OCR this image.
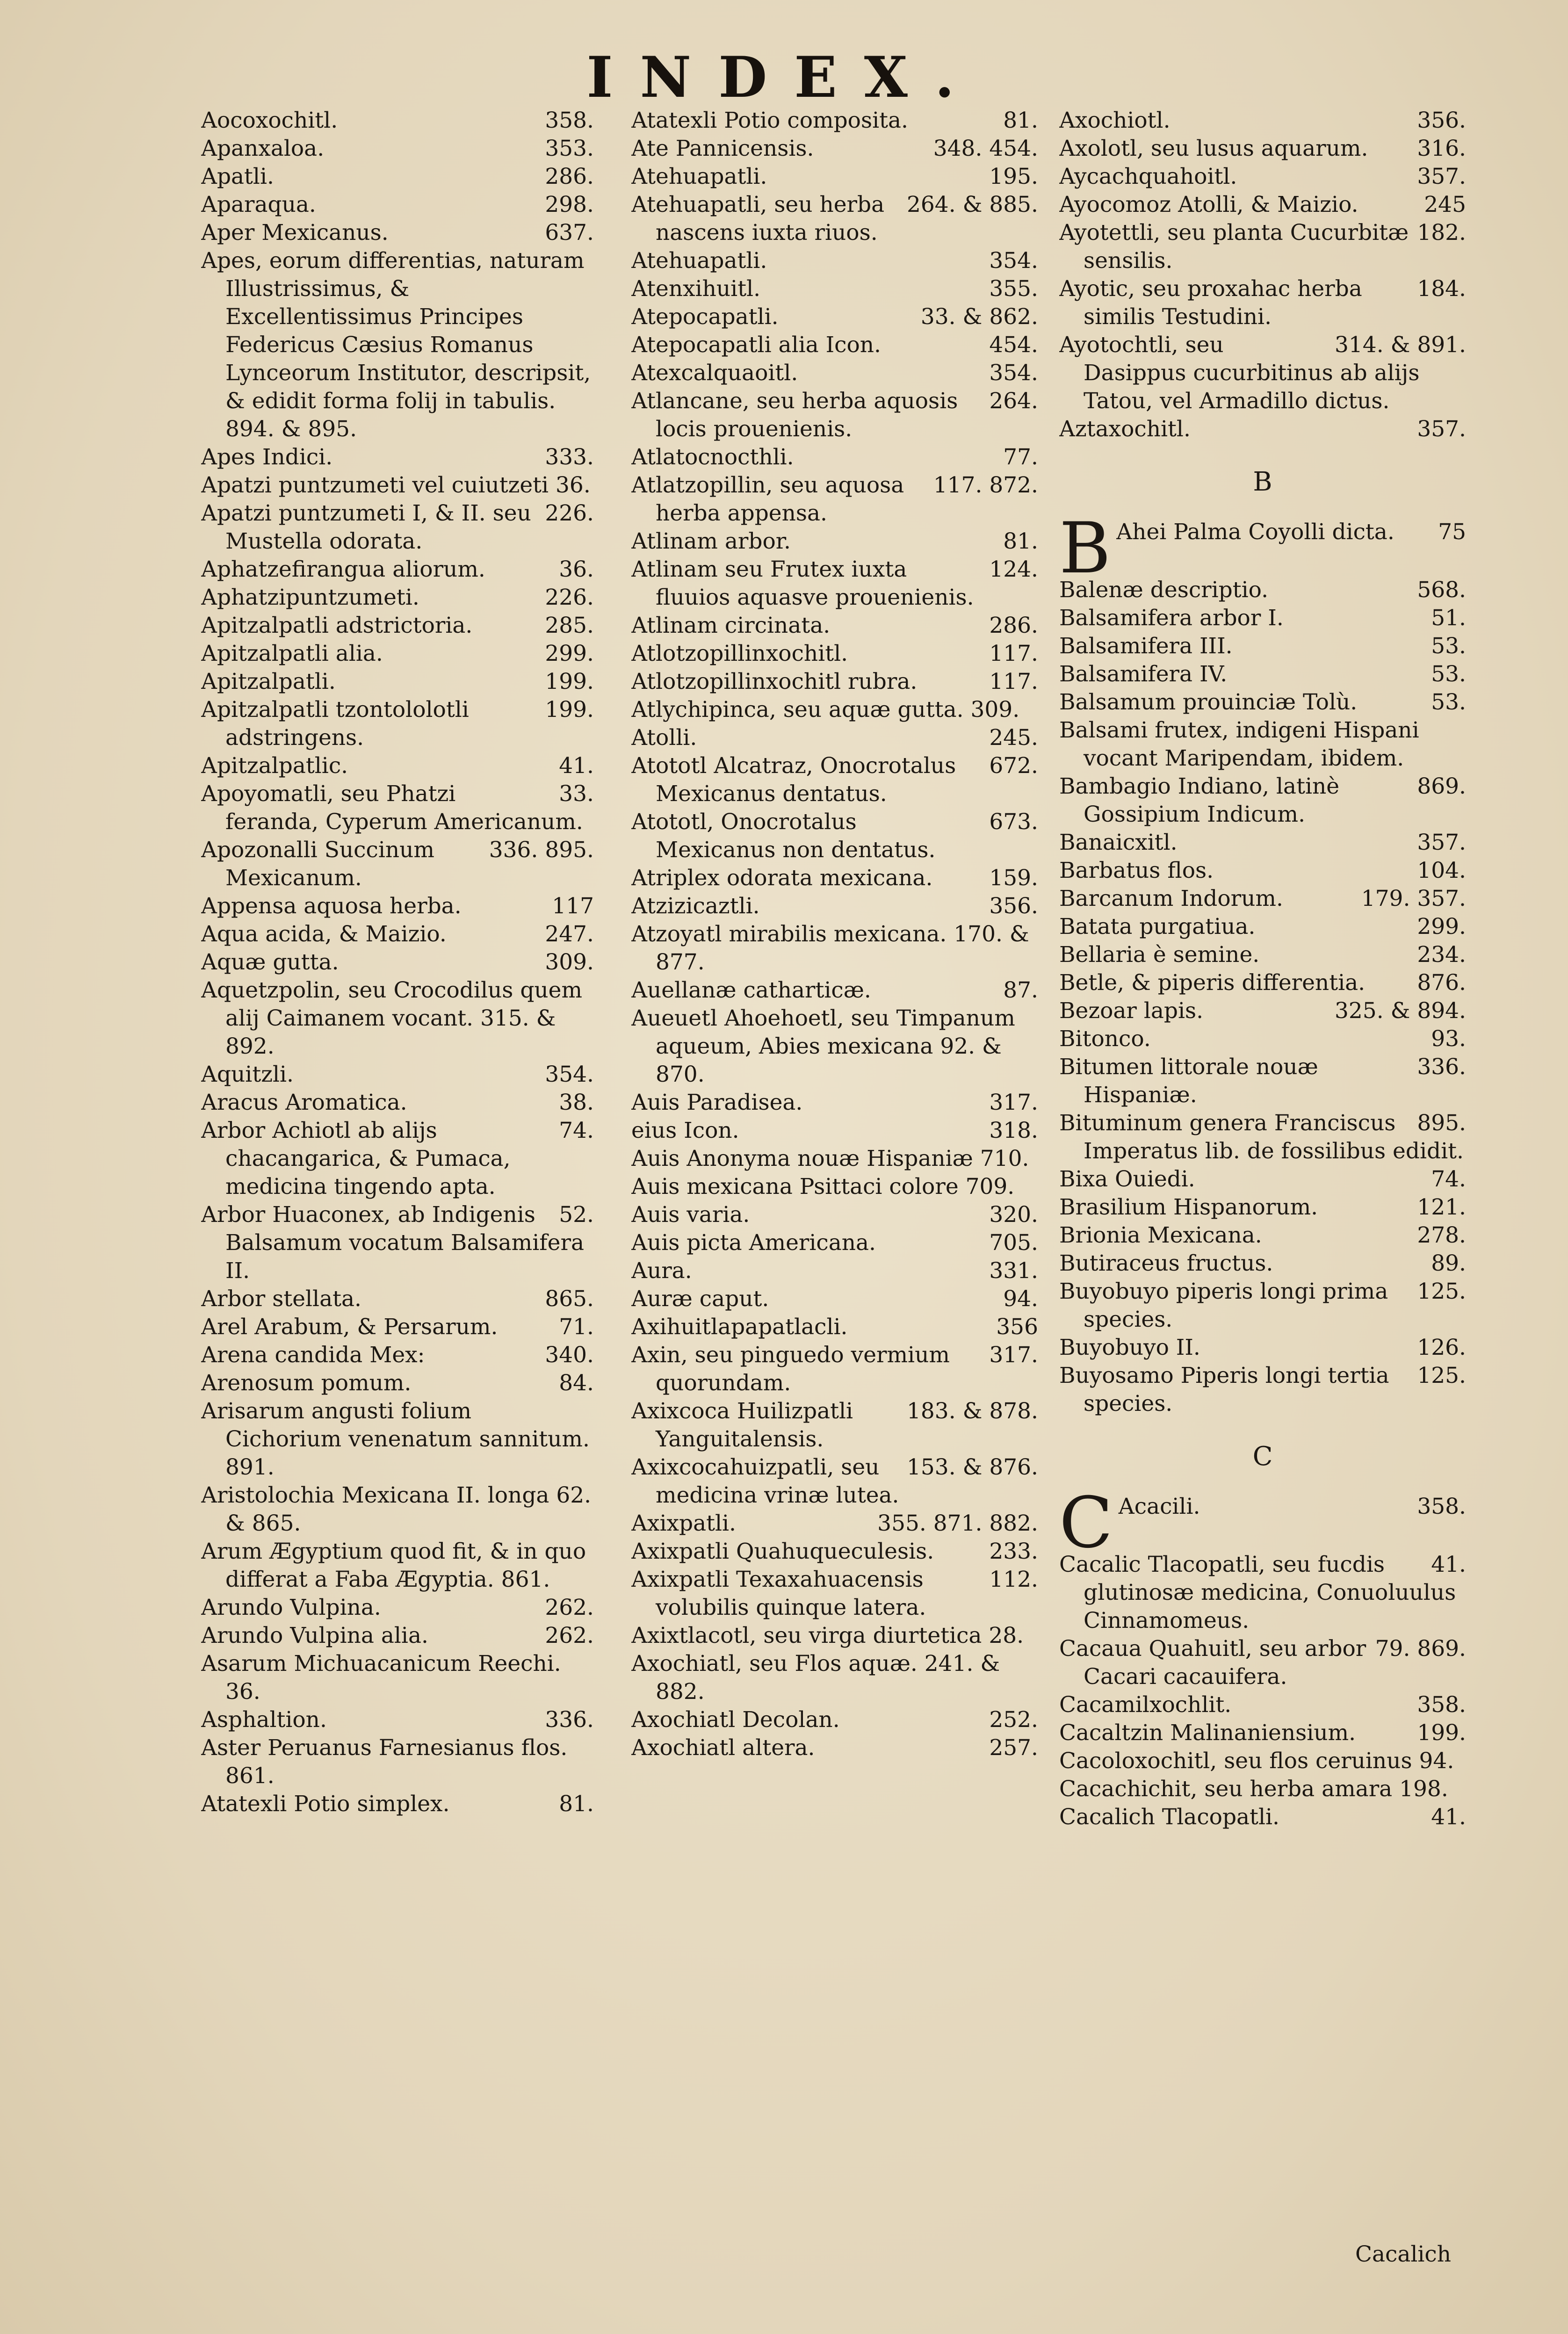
INDEX.
358.
Aocoxochitl.
353.
Apanxaloa.
286.
Apatli.
298.
Aparaqua.
637.
Aper Mexicanus.
Apes, eorum differentias, naturam Illustrissimus, & Excellentissimus Principes Federicus Cæsius Romanus Lynceorum Institutor, descripsit, & edidit forma folij in tabulis. 894. & 895.
333.
Apes Indici.
Apatzi puntzumeti vel cuiutzeti 36.
226.
Apatzi puntzumeti I, & II. seu Mustella odorata.
36.
Aphatzefirangua aliorum.
226.
Aphatzipuntzumeti.
285.
Apitzalpatli adstrictoria.
299.
Apitzalpatli alia.
199.
Apitzalpatli.
199.
Apitzalpatli tzontololotli adstringens.
41.
Apitzalpatlic.
33.
Apoyomatli, seu Phatzi feranda, Cyperum Americanum.
336. 895.
Apozonalli Succinum Mexicanum.
117
Appensa aquosa herba.
247.
Aqua acida, & Maizio.
309.
Aquæ gutta.
Aquetzpolin, seu Crocodilus quem alij Caimanem vocant. 315. & 892.
354.
Aquitzli.
38.
Aracus Aromatica.
74.
Arbor Achiotl ab alijs chacangarica, & Pumaca, medicina tingendo apta.
52.
Arbor Huaconex, ab Indigenis Balsamum vocatum Balsamifera II.
865.
Arbor stellata.
71.
Arel Arabum, & Persarum.
340.
Arena candida Mex:
84.
Arenosum pomum.
Arisarum angusti folium Cichorium venenatum sannitum. 891.
Aristolochia Mexicana II. longa 62. & 865.
Arum Ægyptium quod fit, & in quo differat a Faba Ægyptia. 861.
262.
Arundo Vulpina.
262.
Arundo Vulpina alia.
Asarum Michuacanicum Reechi. 36.
336.
Asphaltion.
Aster Peruanus Farnesianus flos. 861.
81.
Atatexli Potio simplex.
81.
Atatexli Potio composita.
348. 454.
Ate Pannicensis.
195.
Atehuapatli.
264. & 885.
Atehuapatli, seu herba nascens iuxta riuos.
354.
Atehuapatli.
355.
Atenxihuitl.
33. & 862.
Atepocapatli.
454.
Atepocapatli alia Icon.
354.
Atexcalquaoitl.
264.
Atlancane, seu herba aquosis locis prouenienis.
77.
Atlatocnocthli.
117. 872.
Atlatzopillin, seu aquosa herba appensa.
81.
Atlinam arbor.
124.
Atlinam seu Frutex iuxta fluuios aquasve prouenienis.
286.
Atlinam circinata.
117.
Atlotzopillinxochitl.
117.
Atlotzopillinxochitl rubra.
Atlychipinca, seu aquæ gutta. 309.
245.
Atolli.
672.
Atototl Alcatraz, Onocrotalus Mexicanus dentatus.
673.
Atototl, Onocrotalus Mexicanus non dentatus.
159.
Atriplex odorata mexicana.
356.
Atzizicaztli.
Atzoyatl mirabilis mexicana. 170. & 877.
87.
Auellanæ catharticæ.
Aueuetl Ahoehoetl, seu Timpanum aqueum, Abies mexicana 92. & 870.
317.
Auis Paradisea.
318.
eius Icon.
Auis Anonyma nouæ Hispaniæ 710.
Auis mexicana Psittaci colore 709.
320.
Auis varia.
705.
Auis picta Americana.
331.
Aura.
94.
Auræ caput.
356
Axihuitlapapatlacli.
317.
Axin, seu pinguedo vermium quorundam.
183. & 878.
Axixcoca Huilizpatli Yanguitalensis.
153. & 876.
Axixcocahuizpatli, seu medicina vrinæ lutea.
355. 871. 882.
Axixpatli.
233.
Axixpatli Quahuqueculesis.
112.
Axixpatli Texaxahuacensis volubilis quinque latera.
Axixtlacotl, seu virga diurtetica 28.
Axochiatl, seu Flos aquæ. 241. & 882.
252.
Axochiatl Decolan.
257.
Axochiatl altera.
356.
Axochiotl.
316.
Axolotl, seu lusus aquarum.
357.
Aycachquahoitl.
245
Ayocomoz Atolli, & Maizio.
182.
Ayotettli, seu planta Cucurbitæ sensilis.
184.
Ayotic, seu proxahac herba similis Testudini.
314. & 891.
Ayotochtli, seu Dasippus cucurbitinus ab alijs Tatou, vel Armadillo dictus.
357.
Aztaxochitl.
B
B	75
Ahei Palma Coyolli dicta.
568.
Balenæ descriptio.
51.
Balsamifera arbor I.
53.
Balsamifera III.
53.
Balsamifera IV.
53.
Balsamum prouinciæ Tolù.
Balsami frutex, indigeni Hispani vocant Maripendam, ibidem.
869.
Bambagio Indiano, latinè Gossipium Indicum.
357.
Banaicxitl.
104.
Barbatus flos.
179. 357.
Barcanum Indorum.
299.
Batata purgatiua.
234.
Bellaria è semine.
876.
Betle, & piperis differentia.
325. & 894.
Bezoar lapis.
93.
Bitonco.
336.
Bitumen littorale nouæ Hispaniæ.
895.
Bituminum genera Franciscus Imperatus lib. de fossilibus edidit.
74.
Bixa Ouiedi.
121.
Brasilium Hispanorum.
278.
Brionia Mexicana.
89.
Butiraceus fructus.
125.
Buyobuyo piperis longi prima species.
126.
Buyobuyo II.
125.
Buyosamo Piperis longi tertia species.
C
C	358.
Acacili.
41.
Cacalic Tlacopatli, seu fucdis glutinosæ medicina, Conuoluulus Cinnamomeus.
79. 869.
Cacaua Quahuitl, seu arbor Cacari cacauifera.
358.
Cacamilxochlit.
199.
Cacaltzin Malinaniensium.
Cacoloxochitl, seu flos ceruinus 94.
Cacachichit, seu herba amara 198.
41.
Cacalich Tlacopatli.
Cacalich
